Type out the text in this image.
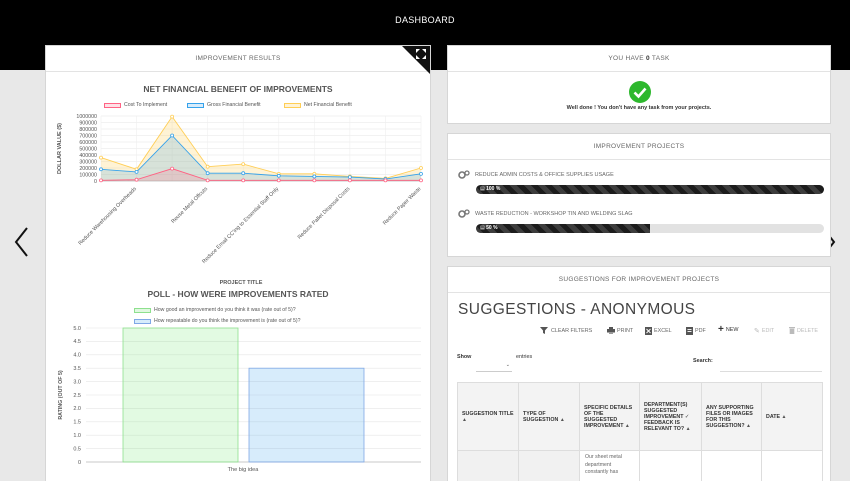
DASHBOARD
IMPROVEMENT RESULTS
NET FINANCIAL BENEFIT OF IMPROVEMENTS
Cost To Implement	Gross Financial Benefit	Net Financial Benefit
1000000
900000
800000
700000
600000
500000
400000
300000
200000
100000
0
Reduce Warehousing Overheads	Reuse Metal Offcuts
Reduce Email CC'ing to Essential Staff Only	Reduce Pallet Disposal Costs	Reduce Paper Waste
PROJECT TITLE
DOLLAR VALUE ($)
POLL - HOW WERE IMPROVEMENTS RATED
How good an improvement do you think it was (rate out of 5)?
How repeatable do you think the improvement is (rate out of 5)?
5.0
4.5
4.0
3.5
3.0
2.5
2.0
1.5
1.0
0.5
0
The big idea
RATING (OUT OF 5)
YOU HAVE 0 TASK
Well done ! You don't have any task from your projects.
IMPROVEMENT PROJECTS
REDUCE ADMIN COSTS & OFFICE SUPPLIES USAGE
▤ 100 %
WASTE REDUCTION - WORKSHOP TIN AND WELDING SLAG
▤ 50 %
SUGGESTIONS FOR IMPROVEMENT PROJECTS
SUGGESTIONS - ANONYMOUS
CLEAR FILTERS	PRINT	EXCEL	PDF + NEW ✎ EDIT	DELETE
Show
⌄
entries
Search:
SUGGESTION TITLE ▲	TYPE OF SUGGESTION ▲	SPECIFIC DETAILS OF THE SUGGESTED IMPROVEMENT ▲	DEPARTMENT(S) SUGGESTED IMPROVEMENT ✓ FEEDBACK IS RELEVANT TO? ▲	ANY SUPPORTING FILES OR IMAGES FOR THIS SUGGESTION? ▲	DATE ▲
		Our sheet metal department constantly has			
